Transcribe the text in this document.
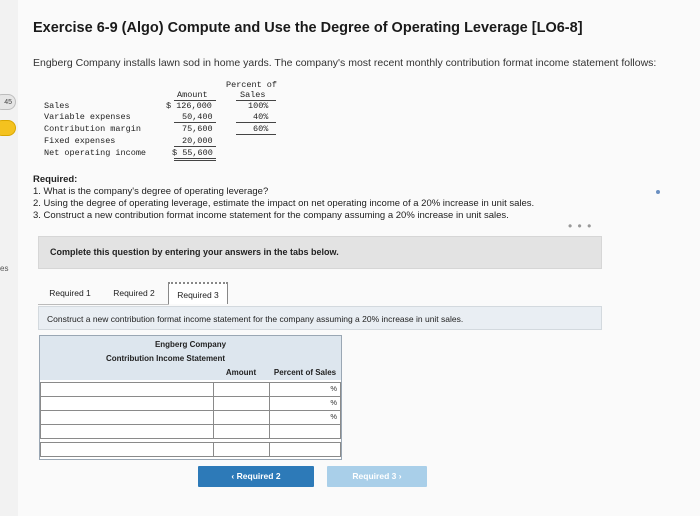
45
es
Exercise 6-9 (Algo) Compute and Use the Degree of Operating Leverage [LO6-8]
Engberg Company installs lawn sod in home yards. The company's most recent monthly contribution format income statement follows:
Percent of
Amount	Sales
Sales	$ 126,000	100%
Variable expenses	50,400	40%
Contribution margin	75,600	60%
Fixed expenses	20,000
Net operating income	$ 55,600
Required:
1. What is the company's degree of operating leverage?
2. Using the degree of operating leverage, estimate the impact on net operating income of a 20% increase in unit sales.
3. Construct a new contribution format income statement for the company assuming a 20% increase in unit sales.
• • •
Complete this question by entering your answers in the tabs below.
Required 1	Required 2	Required 3
Construct a new contribution format income statement for the company assuming a 20% increase in unit sales.
Engberg Company
Contribution Income Statement
Amount	Percent of Sales
%
%
%
‹ Required 2	Required 3 ›
